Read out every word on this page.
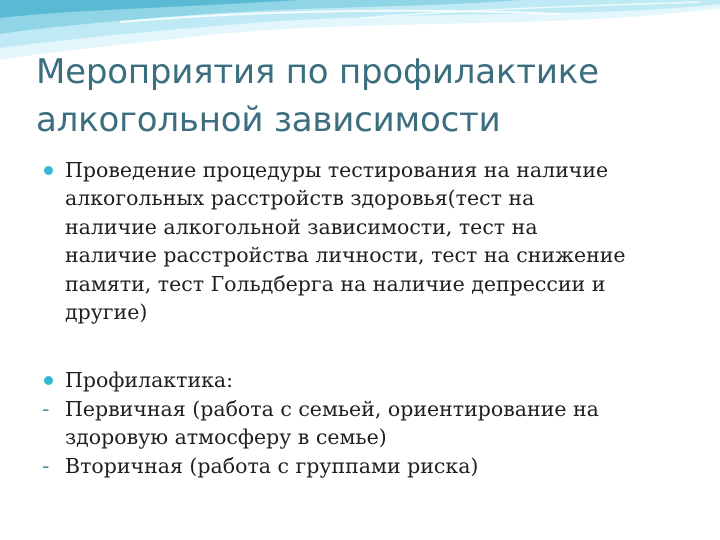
Мероприятия по профилактике
алкогольной зависимости
Проведение процедуры тестирования на наличие
алкогольных расстройств здоровья(тест на
наличие алкогольной зависимости, тест на
наличие расстройства личности, тест на снижение
памяти, тест Гольдберга на наличие депрессии и
другие)
Профилактика:
- Первичная (работа с семьей, ориентирование на
здоровую атмосферу в семье)
- Вторичная (работа с группами риска)
